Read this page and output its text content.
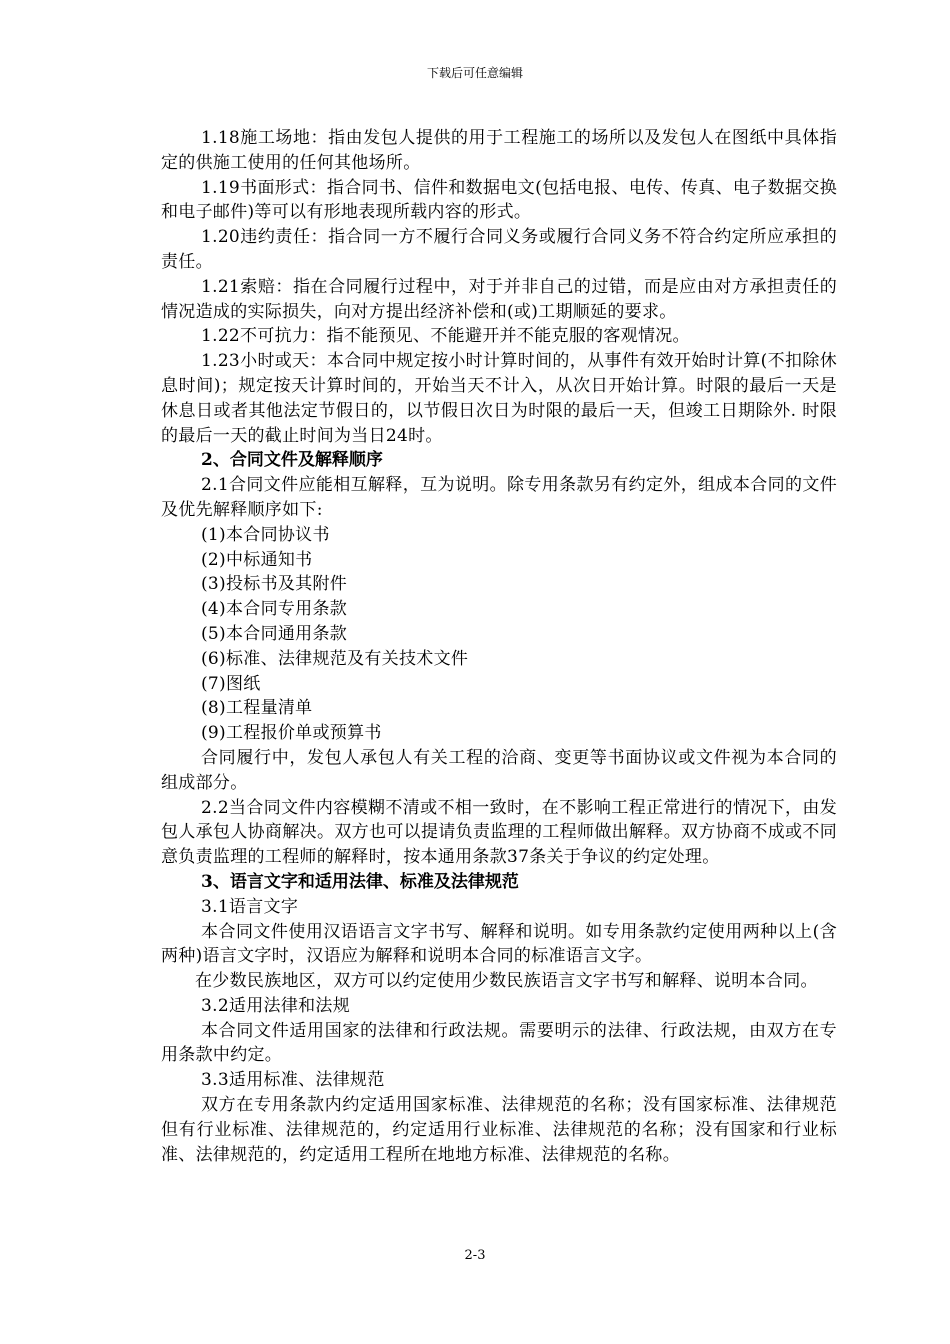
下载后可任意编辑

1.18施工场地：指由发包人提供的用于工程施工的场所以及发包人在图纸中具体指定的供施工使用的任何其他场所。

1.19书面形式：指合同书、信件和数据电文(包括电报、电传、传真、电子数据交换和电子邮件)等可以有形地表现所载内容的形式。

1.20违约责任：指合同一方不履行合同义务或履行合同义务不符合约定所应承担的责任。

1.21索赔：指在合同履行过程中，对于并非自己的过错，而是应由对方承担责任的情况造成的实际损失，向对方提出经济补偿和(或)工期顺延的要求。

1.22不可抗力：指不能预见、不能避开并不能克服的客观情况。

1.23小时或天：本合同中规定按小时计算时间的，从事件有效开始时计算(不扣除休息时间)；规定按天计算时间的，开始当天不计入，从次日开始计算。时限的最后一天是休息日或者其他法定节假日的，以节假日次日为时限的最后一天，但竣工日期除外. 时限的最后一天的截止时间为当日24时。

2、合同文件及解释顺序

2.1合同文件应能相互解释，互为说明。除专用条款另有约定外，组成本合同的文件及优先解释顺序如下:

(1)本合同协议书

(2)中标通知书

(3)投标书及其附件

(4)本合同专用条款

(5)本合同通用条款

(6)标准、法律规范及有关技术文件

(7)图纸

(8)工程量清单

(9)工程报价单或预算书

合同履行中，发包人承包人有关工程的洽商、变更等书面协议或文件视为本合同的组成部分。

2.2当合同文件内容模糊不清或不相一致时，在不影响工程正常进行的情况下，由发包人承包人协商解决。双方也可以提请负责监理的工程师做出解释。双方协商不成或不同意负责监理的工程师的解释时，按本通用条款37条关于争议的约定处理。

3、语言文字和适用法律、标准及法律规范

3.1语言文字

本合同文件使用汉语语言文字书写、解释和说明。如专用条款约定使用两种以上(含两种)语言文字时，汉语应为解释和说明本合同的标准语言文字。

在少数民族地区，双方可以约定使用少数民族语言文字书写和解释、说明本合同。

3.2适用法律和法规

本合同文件适用国家的法律和行政法规。需要明示的法律、行政法规，由双方在专用条款中约定。

3.3适用标准、法律规范

双方在专用条款内约定适用国家标准、法律规范的名称；没有国家标准、法律规范但有行业标准、法律规范的，约定适用行业标准、法律规范的名称；没有国家和行业标准、法律规范的，约定适用工程所在地地方标准、法律规范的名称。

2-3
